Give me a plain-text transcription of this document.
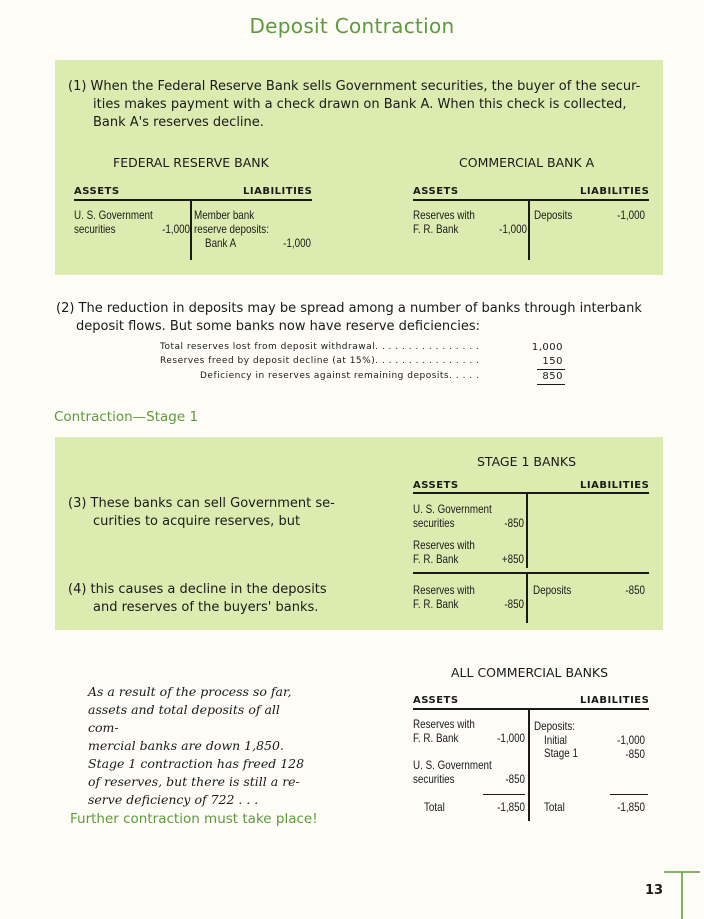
Deposit Contraction
(1) When the Federal Reserve Bank sells Government securities, the buyer of the secur-
ities makes payment with a check drawn on Bank A. When this check is collected,
Bank A's reserves decline.
FEDERAL RESERVE BANK
ASSETS	LIABILITIES
U. S. Government
securities	-1,000
Member bank
reserve deposits:
Bank A	-1,000
COMMERCIAL BANK A
ASSETS	LIABILITIES
Reserves with
F. R. Bank	-1,000
Deposits	-1,000
(2) The reduction in deposits may be spread among a number of banks through interbank
deposit flows. But some banks now have reserve deficiencies:
Total reserves lost from deposit withdrawal. . . . . . . . . . . . . . . .	1,000
Reserves freed by deposit decline (at 15%). . . . . . . . . . . . . . . .	150
Deficiency in reserves against remaining deposits. . . . .	850
Contraction—Stage 1
(3) These banks can sell Government se-
curities to acquire reserves, but
(4) this causes a decline in the deposits
and reserves of the buyers' banks.
STAGE 1 BANKS
ASSETS	LIABILITIES
U. S. Government
securities	-850
Reserves with
F. R. Bank	+850
Reserves with
F. R. Bank	-850
Deposits	-850
As a result of the process so far,
assets and total deposits of all com-
mercial banks are down 1,850.
Stage 1 contraction has freed 128
of reserves, but there is still a re-
serve deficiency of 722 . . .
Further contraction must take place!
ALL COMMERCIAL BANKS
ASSETS	LIABILITIES
Reserves with
F. R. Bank	-1,000
U. S. Government
securities	-850
Total	-1,850
Deposits:
Initial	-1,000
Stage 1	-850
Total	-1,850
13
